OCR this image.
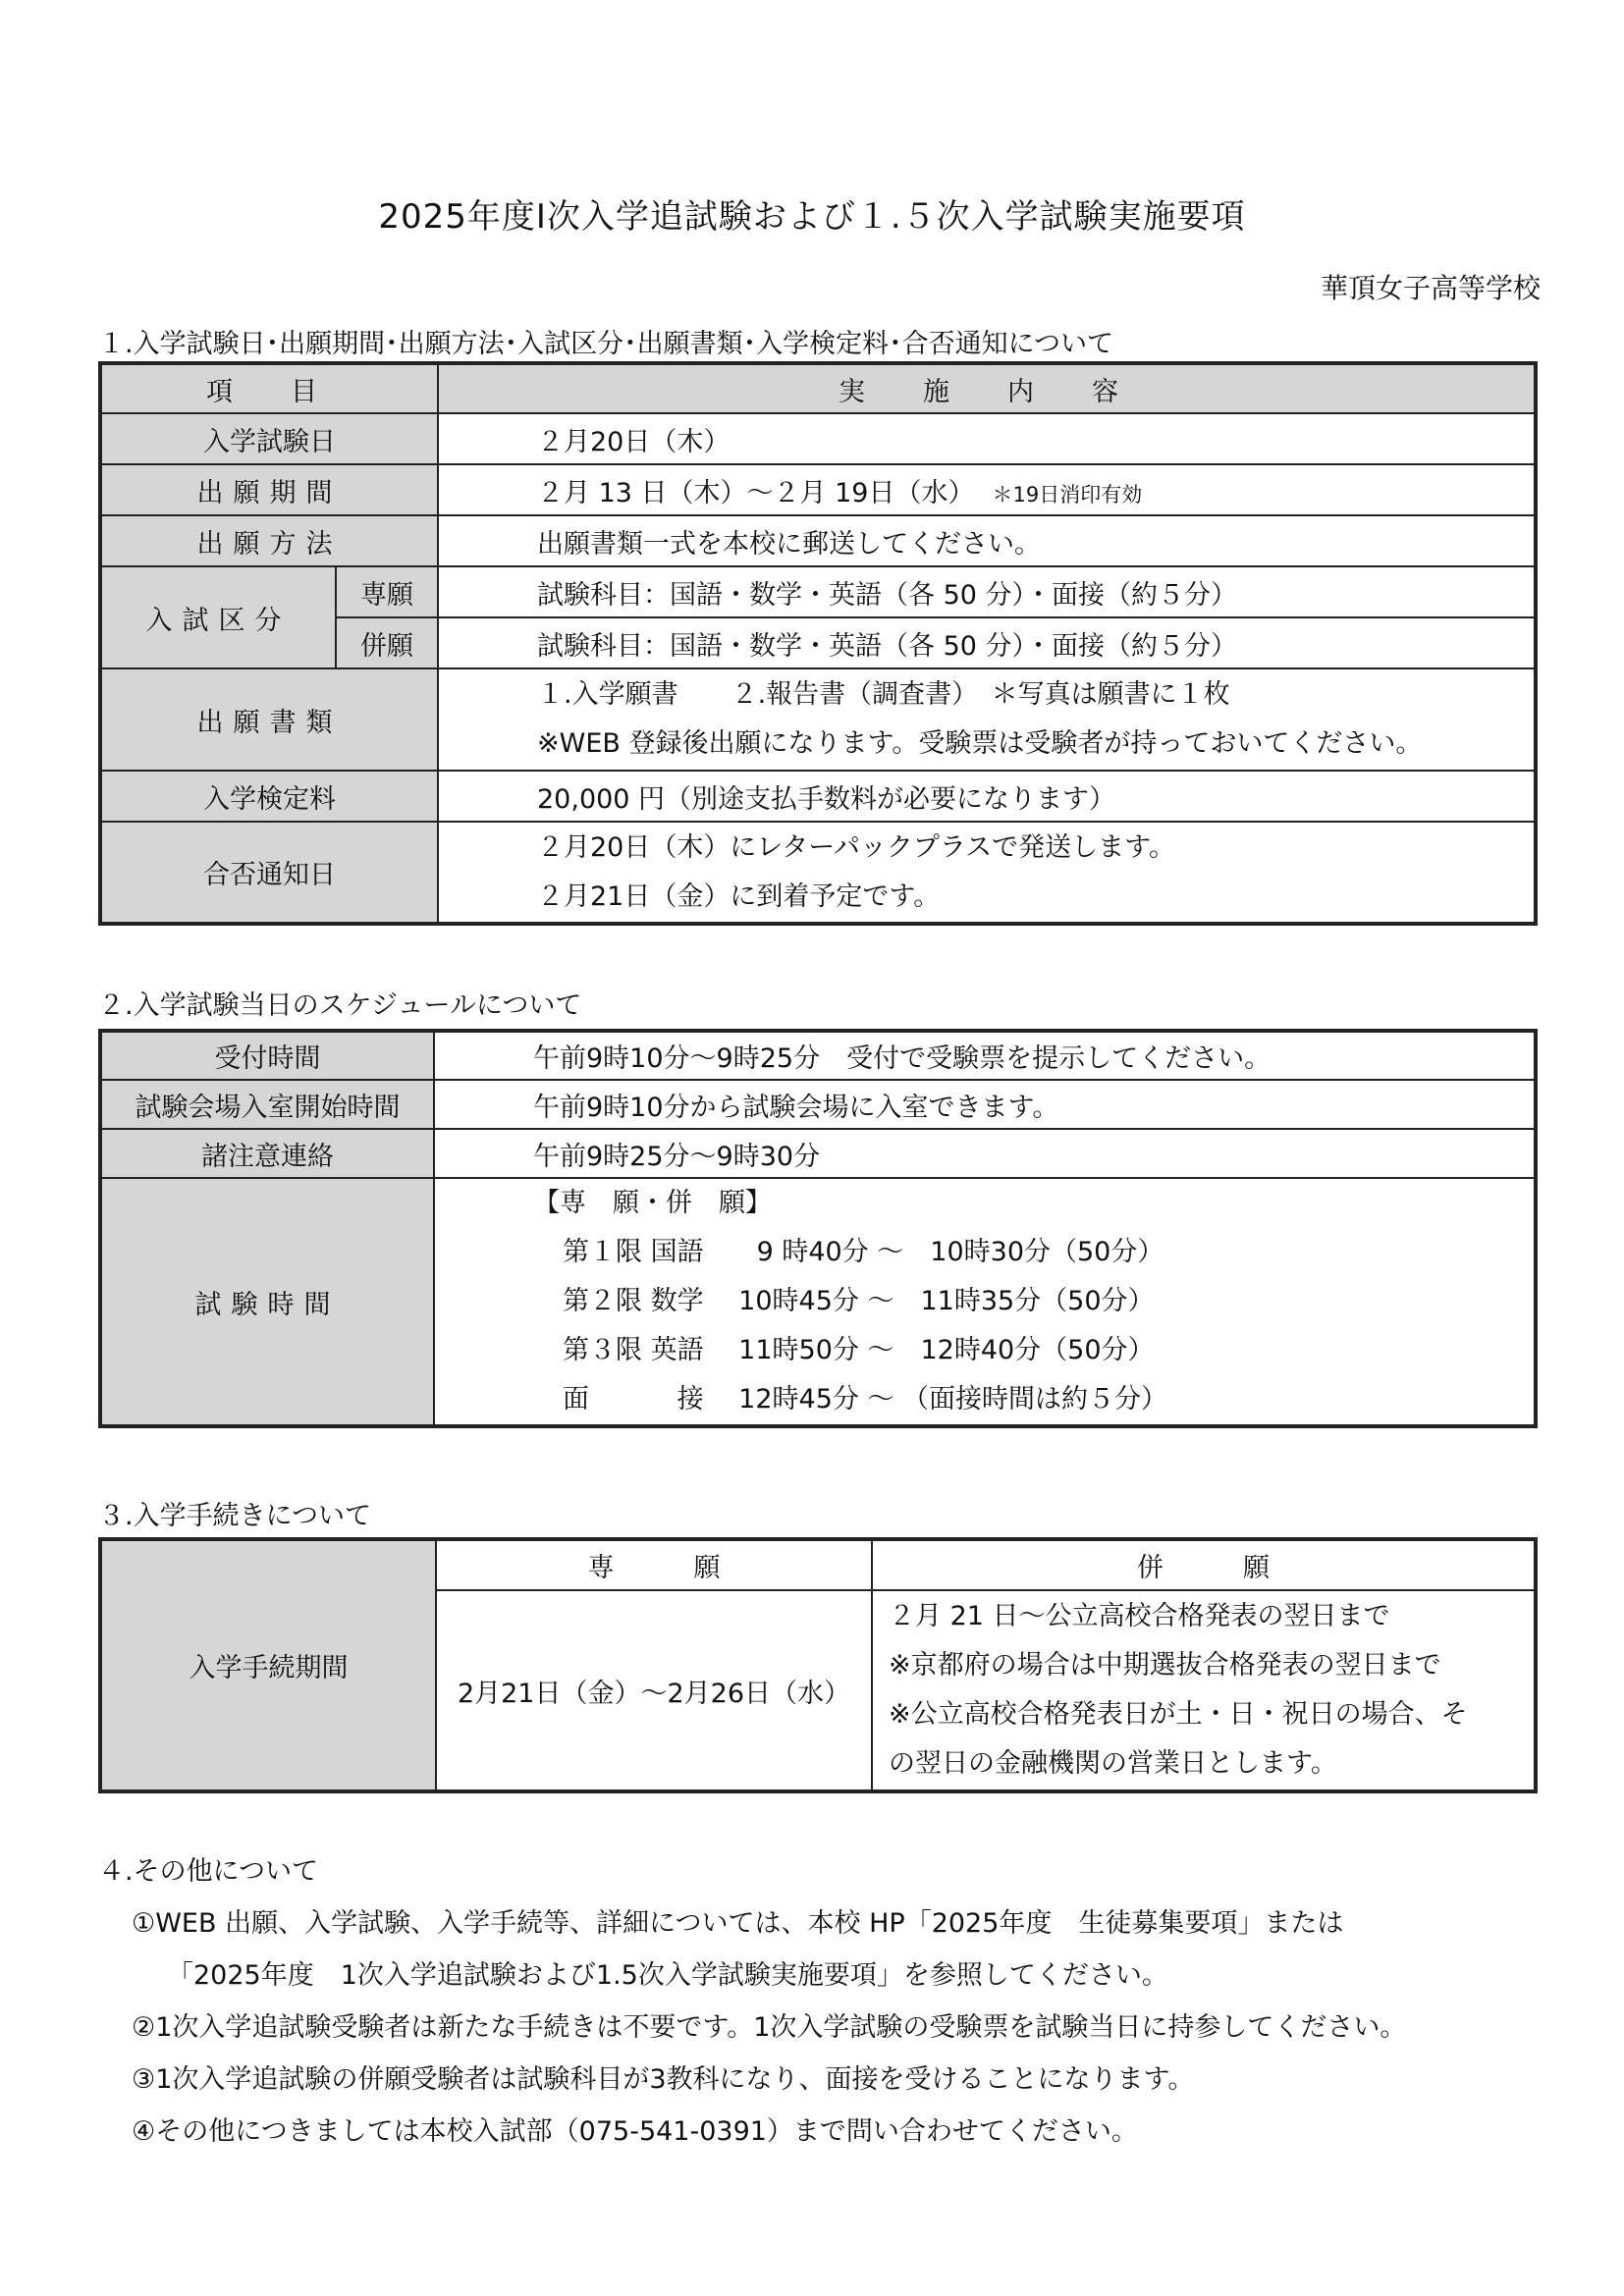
2025年度Ⅰ次入学追試験および１.５次入学試験実施要項
華頂女子高等学校
１.入学試験日･出願期間･出願方法･入試区分･出願書類･入学検定料･合否通知について
項　目		実　施　内　容
入学試験日		２月20日（木）
出願期間		２月 13 日（木）～２月 19日（水） ＊19日消印有効
出願方法		出願書類一式を本校に郵送してください。
入試区分	専願	試験科目：国語・数学・英語（各 50 分）・面接（約５分）
	併願	試験科目：国語・数学・英語（各 50 分）・面接（約５分）
出願書類		１.入学願書　　２.報告書（調査書）　＊写真は願書に１枚
※WEB 登録後出願になります。受験票は受験者が持っておいてください。

入学検定料		20,000 円（別途支払手数料が必要になります）
合否通知日		２月20日（木）にレターパックプラスで発送します。
２月21日（金）に到着予定です。
２.入学試験当日のスケジュールについて
受付時間	午前9時10分～9時25分　受付で受験票を提示してください。
試験会場入室開始時間	午前9時10分から試験会場に入室できます。
諸注意連絡	午前9時25分～9時30分
試験時間	【専　願・併　願】
第１限 国語　　9 時40分 ～　10時30分（50分）
第２限 数学　 10時45分 ～　11時35分（50分）
第３限 英語　 11時50分 ～　12時40分（50分）
面　　　 接　 12時45分 ～ （面接時間は約５分）
３.入学手続きについて
入学手続期間	専　　　願	併　　　願
	2月21日（金）～2月26日（水）	２月 21 日～公立高校合格発表の翌日まで
※京都府の場合は中期選抜合格発表の翌日まで
※公立高校合格発表日が土・日・祝日の場合、そ
の翌日の金融機関の営業日とします。
４.その他について
①WEB 出願、入学試験、入学手続等、詳細については、本校 HP「2025年度　生徒募集要項」または
「2025年度　1次入学追試験および1.5次入学試験実施要項」を参照してください。
②1次入学追試験受験者は新たな手続きは不要です。1次入学試験の受験票を試験当日に持参してください。
③1次入学追試験の併願受験者は試験科目が3教科になり、面接を受けることになります。
④その他につきましては本校入試部（075-541-0391）まで問い合わせてください。
